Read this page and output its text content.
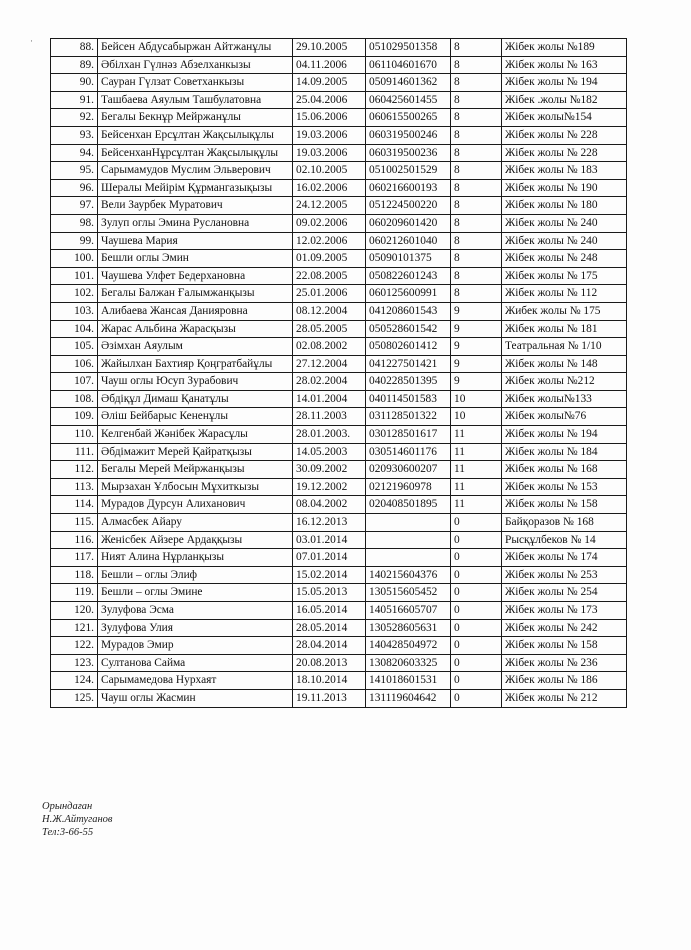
·	88.	Бейсен Абдусабыржан Айтжанұлы	29.10.2005	051029501358	8	Жібек жолы №189
89.	Әбілхан Гүлнәз Абзелханкызы	04.11.2006	061104601670	8	Жібек жолы № 163
90.	Сауран Гүлзат Советханкызы	14.09.2005	050914601362	8	Жібек жолы № 194
91.	Ташбаева Аяулым Ташбулатовна	25.04.2006	060425601455	8	Жібек .жолы №182
92.	Бегалы Бекнұр Мейржанұлы	15.06.2006	060615500265	8	Жібек жолы№154
93.	Бейсенхан Ерсұлтан Жақсылықұлы	19.03.2006	060319500246	8	Жібек жолы № 228
94.	БейсенханНұрсұлтан Жақсылықұлы	19.03.2006	060319500236	8	Жібек жолы № 228
95.	Сарымамудов Муслим Эльверович	02.10.2005	051002501529	8	Жібек жолы № 183
96.	Шералы Мейірім Құрмангазықызы	16.02.2006	060216600193	8	Жібек жолы № 190
97.	Вели Заурбек Муратович	24.12.2005	051224500220	8	Жібек жолы № 180
98.	Зулуп оглы Эмина Руслановна	09.02.2006	060209601420	8	Жібек жолы № 240
99.	Чаушева Мария	12.02.2006	060212601040	8	Жібек жолы № 240
100.	Бешли оглы Эмин	01.09.2005	05090101375	8	Жібек жолы № 248
101.	Чаушева Улфет Бедерхановна	22.08.2005	050822601243	8	Жібек жолы № 175
102.	Бегалы Балжан Ғалымжанқызы	25.01.2006	060125600991	8	Жібек жолы № 112
103.	Алибаева Жансая Данияровна	08.12.2004	041208601543	9	Жибек жолы № 175
104.	Жарас Альбина Жарасқызы	28.05.2005	050528601542	9	Жібек жолы № 181
105.	Әзімхан Аяулым	02.08.2002	050802601412	9	Театральная № 1/10
106.	Жайылхан Бахтияр Қоңгратбайұлы	27.12.2004	041227501421	9	Жібек жолы № 148
107.	Чауш оглы Юсуп Зурабович	28.02.2004	040228501395	9	Жібек жолы №212
108.	Әбдіқұл Димаш Қанатұлы	14.01.2004	040114501583	10	Жібек жолы№133
109.	Әліш Бейбарыс Кененұлы	28.11.2003	031128501322	10	Жібек жолы№76
110.	Келгенбай Жәнібек Жарасұлы	28.01.2003.	030128501617	11	Жібек жолы № 194
111.	Әбдімажит Мерей Қайратқызы	14.05.2003	030514601176	11	Жібек жолы № 184
112.	Бегалы Мерей Мейржанқызы	30.09.2002	020930600207	11	Жібек жолы № 168
113.	Мырзахан Ұлбосын Мұхиткызы	19.12.2002	02121960978	11	Жібек жолы № 153
114.	Мурадов Дурсун Алиханович	08.04.2002	020408501895	11	Жібек жолы № 158
115.	Алмасбек Айару	16.12.2013		0	Байқоразов № 168
116.	Женісбек Айзере Ардаққызы	03.01.2014		0	Рысқұлбеков № 14
117.	Ният Алина Нұрланқызы	07.01.2014		0	Жібек жолы № 174
118.	Бешли – оглы Элиф	15.02.2014	140215604376	0	Жібек жолы № 253
119.	Бешли – оглы Эмине	15.05.2013	130515605452	0	Жібек жолы № 254
120.	Зулуфова Эсма	16.05.2014	140516605707	0	Жібек жолы № 173
121.	Зулуфова Улия	28.05.2014	130528605631	0	Жібек жолы № 242
122.	Мурадов Эмир	28.04.2014	140428504972	0	Жібек жолы № 158
123.	Султанова Сайма	20.08.2013	130820603325	0	Жібек жолы № 236
124.	Сарымамедова Нурхаят	18.10.2014	141018601531	0	Жібек жолы № 186
125.	Чауш оглы Жасмин	19.11.2013	131119604642	0	Жібек жолы № 212
Орындаған
Н.Ж.Айтуганов
Тел:3-66-55
